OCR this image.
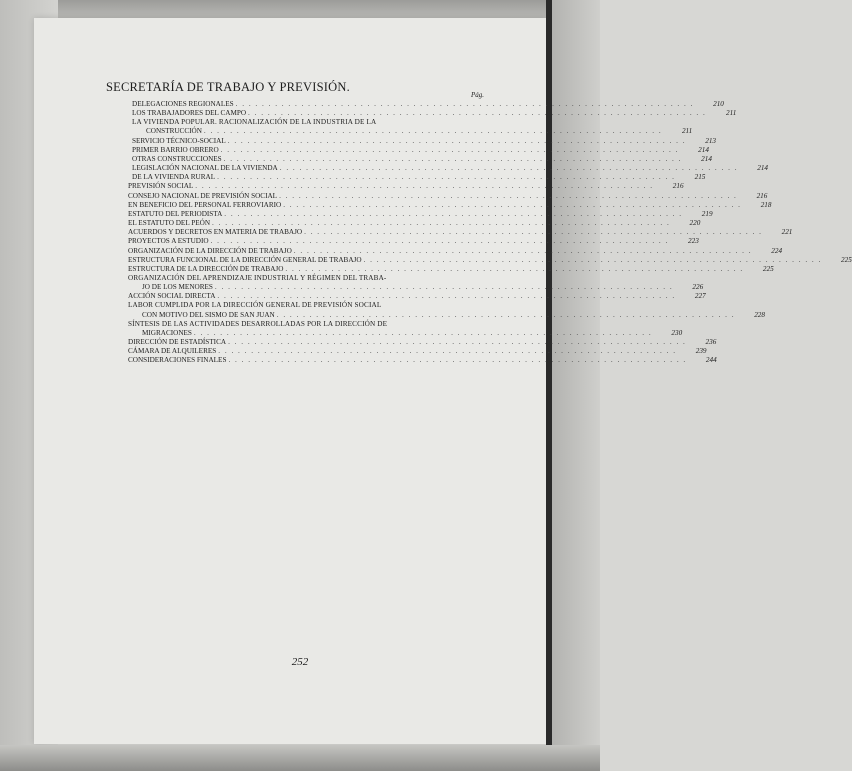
SECRETARÍA DE TRABAJO Y PREVISIÓN.
Pág.
DELEGACIONES REGIONALES . . .	210
LOS TRABAJADORES DEL CAMPO . . .	211
LA VIVIENDA POPULAR. RACIONALIZACIÓN DE LA INDUSTRIA DE LA
CONSTRUCCIÓN . . .	211
SERVICIO TÉCNICO-SOCIAL . . .	213
PRIMER BARRIO OBRERO . . .	214
OTRAS CONSTRUCCIONES . . .	214
LEGISLACIÓN NACIONAL DE LA VIVIENDA . . .	214
DE LA VIVIENDA RURAL . . .	215
PREVISIÓN SOCIAL . . .	216
CONSEJO NACIONAL DE PREVISIÓN SOCIAL . . .	216
EN BENEFICIO DEL PERSONAL FERROVIARIO . . .	218
ESTATUTO DEL PERIODISTA . . .	219
EL ESTATUTO DEL PEÓN . . .	220
ACUERDOS Y DECRETOS EN MATERIA DE TRABAJO . . .	221
PROYECTOS A ESTUDIO . . .	223
ORGANIZACIÓN DE LA DIRECCIÓN DE TRABAJO . . .	224
ESTRUCTURA FUNCIONAL DE LA DIRECCIÓN GENERAL DE TRABAJO . . .	225
ESTRUCTURA DE LA DIRECCIÓN DE TRABAJO . . .	225
ORGANIZACIÓN DEL APRENDIZAJE INDUSTRIAL Y RÉGIMEN DEL TRABA-
JO DE LOS MENORES . . .	226
ACCIÓN SOCIAL DIRECTA . . .	227
LABOR CUMPLIDA POR LA DIRECCIÓN GENERAL DE PREVISIÓN SOCIAL
CON MOTIVO DEL SISMO DE SAN JUAN . . .	228
SÍNTESIS DE LAS ACTIVIDADES DESARROLLADAS POR LA DIRECCIÓN DE
MIGRACIONES . . .	230
DIRECCIÓN DE ESTADÍSTICA . . .	236
CÁMARA DE ALQUILERES . . .	239
CONSIDERACIONES FINALES . . .	244
252
